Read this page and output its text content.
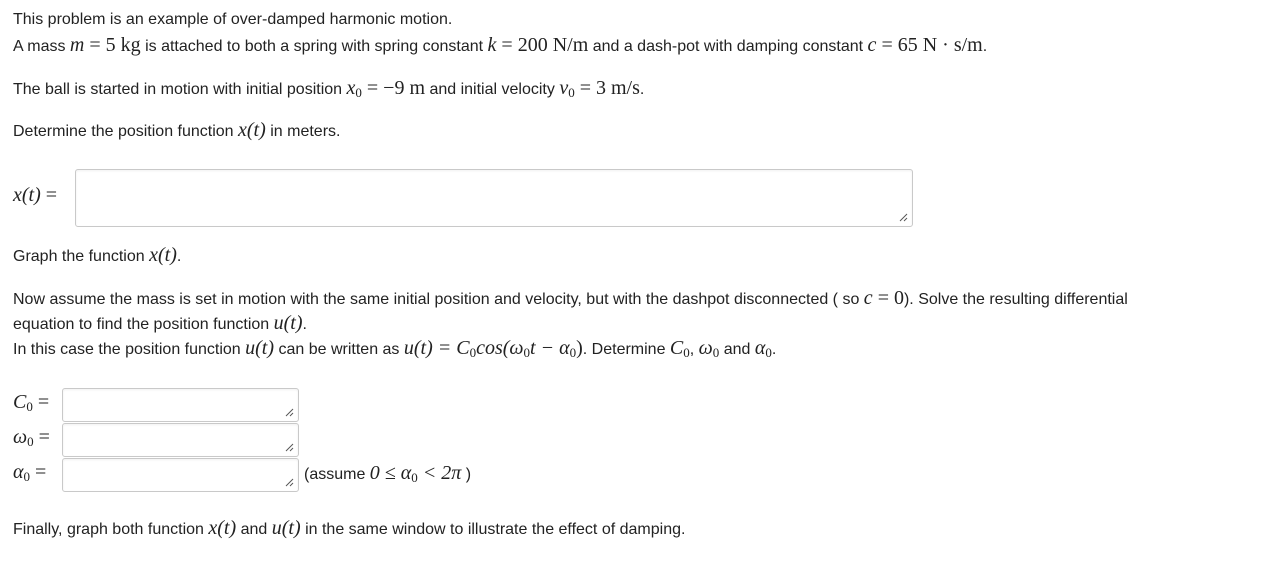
This problem is an example of over-damped harmonic motion.
A mass m = 5 kg is attached to both a spring with spring constant k = 200 N/m and a dash-pot with damping constant c = 65 N · s/m.
The ball is started in motion with initial position x0 = −9 m and initial velocity v0 = 3 m/s.
Determine the position function x(t) in meters.
x(t) =
Graph the function x(t).
Now assume the mass is set in motion with the same initial position and velocity, but with the dashpot disconnected ( so c = 0). Solve the resulting differential
equation to find the position function u(t).
In this case the position function u(t) can be written as u(t) = C0cos(ω0t − α0). Determine C0, ω0 and α0.
C0 =
ω0 =
α0 =	(assume 0 ≤ α0 < 2π )
Finally, graph both function x(t) and u(t) in the same window to illustrate the effect of damping.
